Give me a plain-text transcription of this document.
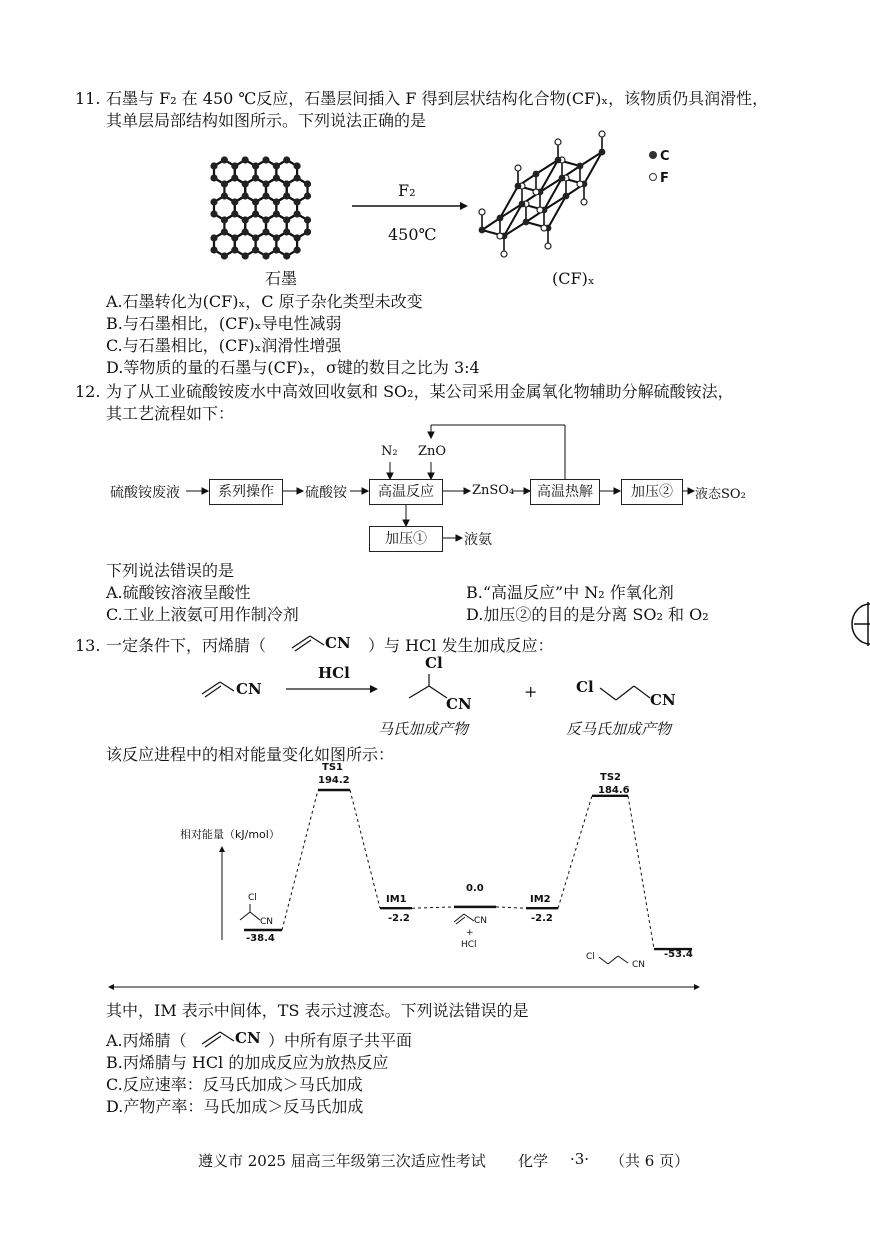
11. 石墨与 F₂ 在 450 ℃反应，石墨层间插入 F 得到层状结构化合物(CF)ₓ，该物质仍具润滑性，
其单层局部结构如图所示。下列说法正确的是
F₂
450℃
石墨	(CF)ₓ
C
F
A.石墨转化为(CF)ₓ，C 原子杂化类型未改变
B.与石墨相比，(CF)ₓ导电性减弱
C.与石墨相比，(CF)ₓ润滑性增强
D.等物质的量的石墨与(CF)ₓ，σ键的数目之比为 3:4
12. 为了从工业硫酸铵废水中高效回收氨和 SO₂，某公司采用金属氧化物辅助分解硫酸铵法，
其工艺流程如下：
硫酸铵废液	系列操作	硫酸铵	高温反应
N₂ ZnO
ZnSO₄	高温热解	加压②	液态SO₂
加压①	液氨
下列说法错误的是
A.硫酸铵溶液呈酸性	B.“高温反应”中 N₂ 作氧化剂
C.工业上液氨可用作制冷剂	D.加压②的目的是分离 SO₂ 和 O₂
13. 一定条件下，丙烯腈（	CN ）与 HCl 发生加成反应：
CN
HCl
Cl
CN
+	Cl
CN
马氏加成产物	反马氏加成产物
该反应进程中的相对能量变化如图所示：
相对能量（kJ/mol）
-38.4
TS1
194.2
IM1
-2.2
0.0
IM2
-2.2
TS2
184.6
-53.4
Cl
CN	CN
+
HCl
Cl
CN
其中，IM 表示中间体，TS 表示过渡态。下列说法错误的是
A.丙烯腈（	CN ）中所有原子共平面
B.丙烯腈与 HCl 的加成反应为放热反应
C.反应速率：反马氏加成＞马氏加成
D.产物产率：马氏加成＞反马氏加成
遵义市 2025 届高三年级第三次适应性考试 化学 ·3· （共 6 页）
